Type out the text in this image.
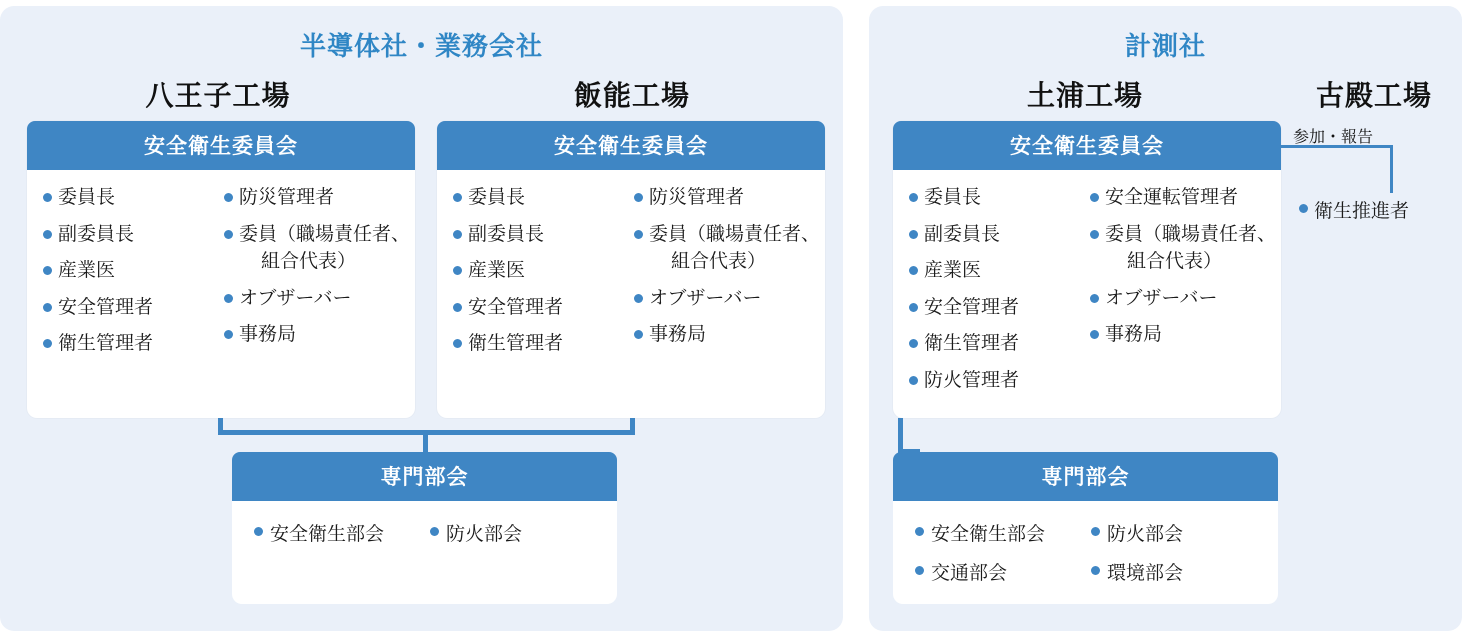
半導体社・業務会社
八王子工場	飯能工場
安全衛生委員会
委員長
副委員長
産業医
安全管理者
衛生管理者
防災管理者
委員（職場責任者、
組合代表）
オブザーバー
事務局
安全衛生委員会
委員長
副委員長
産業医
安全管理者
衛生管理者
防災管理者
委員（職場責任者、
組合代表）
オブザーバー
事務局
専門部会
安全衛生部会	防火部会
計測社
土浦工場	古殿工場
安全衛生委員会
委員長
副委員長
産業医
安全管理者
衛生管理者
防火管理者
安全運転管理者
委員（職場責任者、
組合代表）
オブザーバー
事務局
参加・報告
衛生推進者
専門部会
安全衛生部会
交通部会
防火部会
環境部会
